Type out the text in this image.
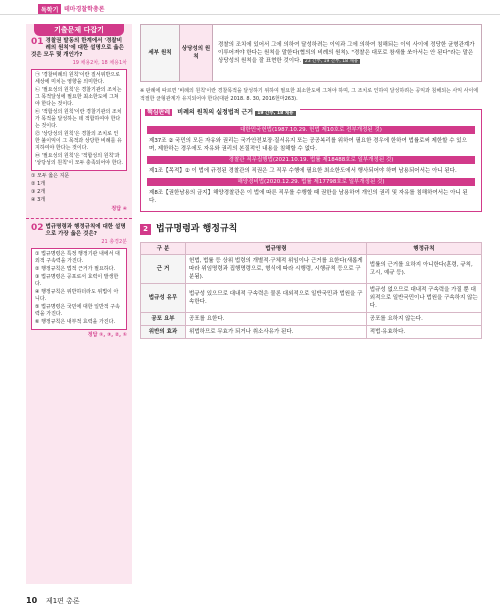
독학기 테마경찰학총론
기출문제 다잡기
01 경찰권 발동의 한계에서 '경찰비례의 원칙'에 대한 설명으로 옳은 것은 모두 몇 개인가?
19 채용2차, 18 채용1차
㉠ '경찰비례의 원칙'이란 질서위반으로 세상에 미치는 영향을 의미한다.
㉡ '필요성의 원칙'은 경찰기관의 조치는 그 목적달성에 필요한 최소한도에 그쳐야 한다는 것이다.
㉢ '적합성의 원칙'이란 경찰기관의 조치가 목적을 달성하는 데 적합하여야 한다는 것이다.
㉣ '상당성의 원칙'은 경찰의 조치로 인한 불이익이 그 목적과 상당한 비례를 유지하여야 한다는 것이다.
㉤ '필요성의 원칙'은 '적합성의 원칙'과 '상당성의 원칙'이 모두 충족되어야 한다.
① 모두 옳은 지문
② 1개
③ 2개
④ 3개
정답 ④
02 법규명령과 행정규칙에 대한 설명으로 가장 옳은 것은?
21 총경2분
① 법규명령은 특정 행정기관 내에서 대외적 구속력을 가진다.
② 행정규칙은 법적 근거가 필요하다.
③ 법규명령은 공포로서 효력이 발생한다.
④ 행정규칙은 위반하더라도 위법이 아니다.
⑤ 법규명령은 국민에 대한 일반적 구속력을 가진다.
⑥ 행정규칙은 내부적 효력을 가진다.
정답 ①, ③, ②, ①
세부 원칙	상당성의 원칙	경찰의 조치에 있어서 그에 의하여 달성하려는 이익과 그에 의하여 침해되는 이익 사이에 정당한 균형관계가 이루어져야 한다는 원칙을 말한다(협의의 비례의 원칙). "경찰은 대포로 참새를 쏘아서는 안 된다"라는 말은 상당성의 원칙을 잘 표현한 것이다. 23 간부, 19 간부, 18 채용
※ 판례에 따르면 '비례의 원칙'이란 경찰목적을 달성하기 위하여 필요한 최소한도에 그쳐야 하며, 그 조치로 인하여 달성하려는 공익과 침해되는 사익 사이에 적절한 균형관계가 유지되어야 한다(대판 2018. 8. 30, 2016헌마263).
핵심판례 비례의 원칙의 실정법적 근거 19 간부, 18 채용
대한민국헌법(1987.10.29. 헌법 제10호로 전부개정된 것)
제37조 ② 국민의 모든 자유와 권리는 국가안전보장·질서유지 또는 공공복리를 위하여 필요한 경우에 한하여 법률로써 제한할 수 있으며, 제한하는 경우에도 자유와 권리의 본질적인 내용을 침해할 수 없다.
경찰관 직무집행법(2021.10.19. 법률 제18488호로 일부개정된 것)
제1조【목적】② 이 법에 규정된 경찰관의 직권은 그 직무 수행에 필요한 최소한도에서 행사되어야 하며 남용되어서는 아니 된다.
해양경비법(2020.12.29. 법률 제17798호로 일부개정된 것)
제8조【권한남용의 금지】해양경찰관은 이 법에 따른 직무를 수행할 때 권한을 남용하여 개인의 권리 및 자유를 침해하여서는 아니 된다.
2 법규명령과 행정규칙
구 분	법규명령	행정규칙
근 거	헌법, 법률 등 상위 법령의 개별적·구체적 위임이나 근거를 요한다(새롭게 따라 위임명령과 집행명령으로, 형식에 따라 시행령, 시행규칙 등으로 구분됨).	법률의 근거를 요하지 아니한다(훈령, 규칙, 고시, 예규 등).
법규성 유무	법규성 있으므로 대내적 구속력은 물론 대외적으로 일반국민과 법원을 구속한다.	법규성 없으므로 대내적 구속력을 가질 뿐 대외적으로 일반국민이나 법원을 구속하지 않는다.
공포 요부	공포를 요한다.	공포를 요하지 않는다.
위반의 효과	위법하므로 무효가 되거나 취소사유가 된다.	적법·유효하다.
10 제1편 총론
